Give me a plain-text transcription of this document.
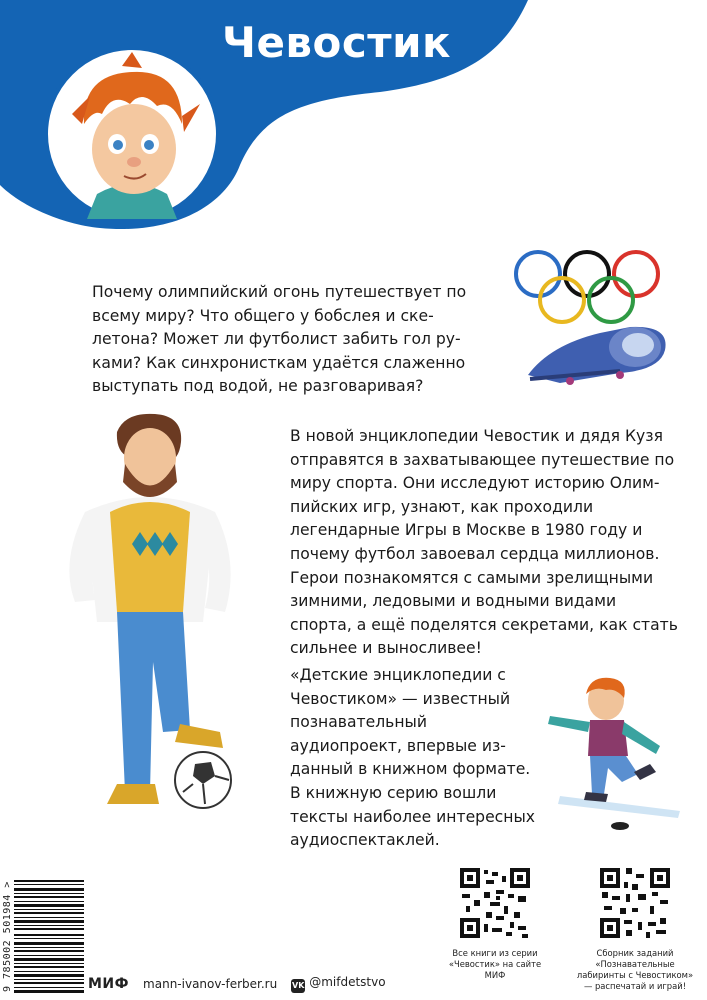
Чевостик
Почему олимпийский огонь путешествует по всему миру? Что общего у бобслея и скелетона? Может ли футболист забить гол руками? Как синхронисткам удаётся слаженно выступать под водой, не разговаривая?
В новой энциклопедии Чевостик и дядя Кузя отправятся в захватывающее путешествие по миру спорта. Они исследуют историю Олимпийских игр, узнают, как проходили легендарные Игры в Москве в 1980 году и почему футбол завоевал сердца миллионов. Герои познакомятся с самыми зрелищными зимними, ледовыми и водными видами спорта, а ещё поделятся секретами, как стать сильнее и выносливее!
«Детские энциклопедии с Чевостиком» — известный познавательный аудиопроект, впервые изданный в книжном формате. В книжную серию вошли тексты наиболее интересных аудиоспектаклей.
Все книги из серии «Чевостик» на сайте МИФ
Сборник заданий «Познавательные лабиринты с Чевостиком» — распечатай и играй!
9 785002 501984 >	МИФ mann-ivanov-ferber.ru VK @mifdetstvo
